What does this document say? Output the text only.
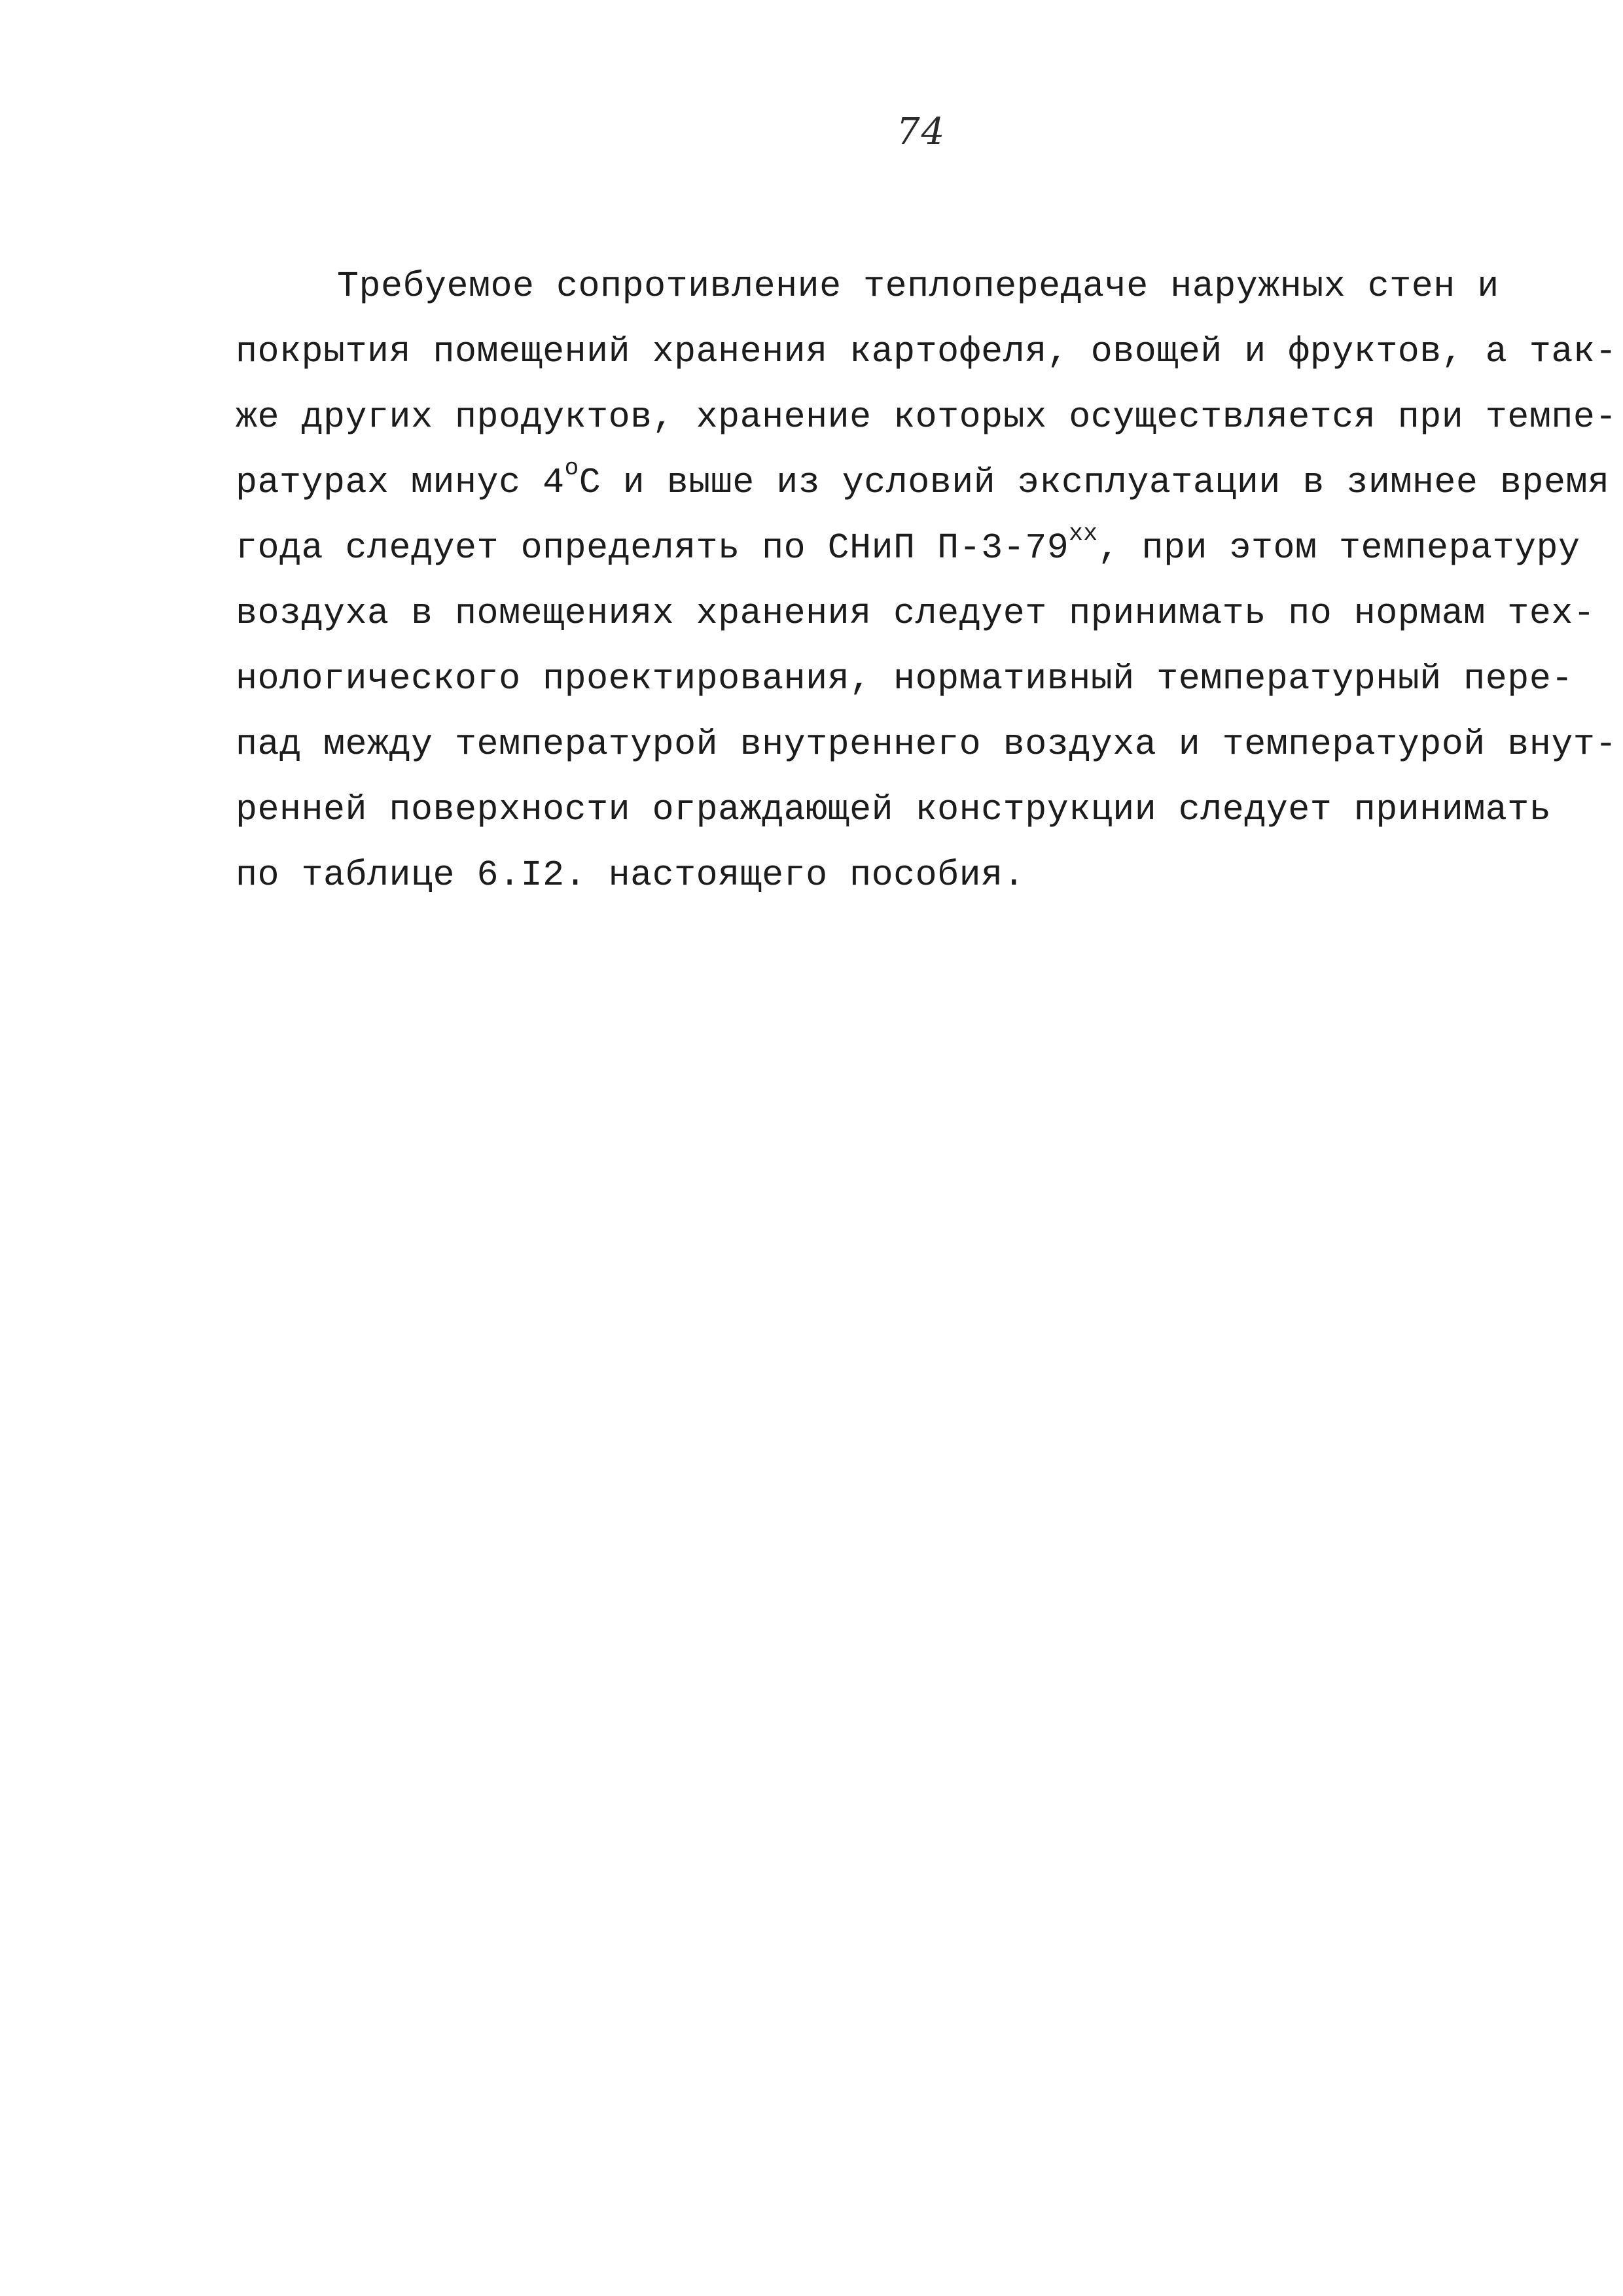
74
Требуемое сопротивление теплопередаче наружных стен и
покрытия помещений хранения картофеля, овощей и фруктов, а так-
же других продуктов, хранение которых осуществляется при темпе-
ратурах минус $4^оС$ и выше из условий эксплуатации в зимнее время
года следует определять по СНиП $П-3-79^{хх}$, при этом температуру
воздуха в помещениях хранения следует принимать по нормам тех-
нологического проектирования, нормативный температурный пере-
пад между температурой внутреннего воздуха и температурой внут-
ренней поверхности ограждающей конструкции следует принимать
по таблице 6.I2. настоящего пособия.
